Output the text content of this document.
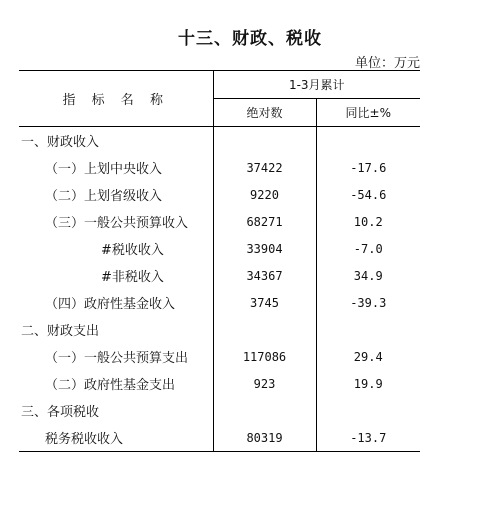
十三、财政、税收
单位：万元
指 标 名 称	1-3月累计	
	绝对数	同比±%
一、财政收入		
（一）上划中央收入	37422	-17.6
（二）上划省级收入	9220	-54.6
（三）一般公共预算收入	68271	10.2
#税收收入	33904	-7.0
#非税收入	34367	34.9
（四）政府性基金收入	3745	-39.3
二、财政支出		
（一）一般公共预算支出	117086	29.4
（二）政府性基金支出	923	19.9
三、各项税收		
税务税收收入	80319	-13.7
